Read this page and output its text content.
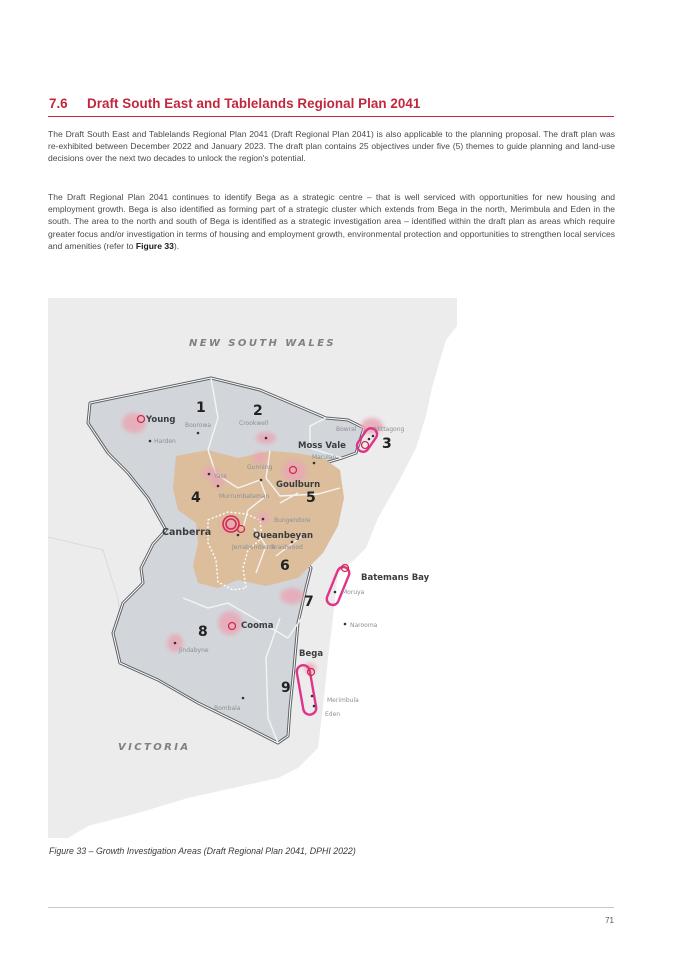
7.6 Draft South East and Tablelands Regional Plan 2041
The Draft South East and Tablelands Regional Plan 2041 (Draft Regional Plan 2041) is also applicable to the planning proposal. The draft plan was re-exhibited between December 2022 and January 2023. The draft plan contains 25 objectives under five (5) themes to guide planning and land-use decisions over the next two decades to unlock the region's potential.
The Draft Regional Plan 2041 continues to identify Bega as a strategic centre – that is well serviced with opportunities for new housing and employment growth. Bega is also identified as forming part of a strategic cluster which extends from Bega in the north, Merimbula and Eden in the south. The area to the north and south of Bega is identified as a strategic investigation area – identified within the draft plan as areas which require greater focus and/or investigation in terms of housing and employment growth, environmental protection and opportunities to strengthen local services and amenities (refer to Figure 33).
NEW SOUTH WALES
VICTORIA
1	2
3
4	5
6
7
8
9
Young
Moss Vale
Goulburn
Canberra	Queanbeyan
Batemans Bay
Cooma
Bega
Boorowa
Harden
Crookwell
Bowral	Mittagong
Marulan
Gunning
Yass
Murrumbateman
Bungendore
Jerrabomberra
Braidwood
Moruya
Narooma
Jindabyne
Bombala
Merimbula
Eden
Figure 33 – Growth Investigation Areas (Draft Regional Plan 2041, DPHI 2022)
71
